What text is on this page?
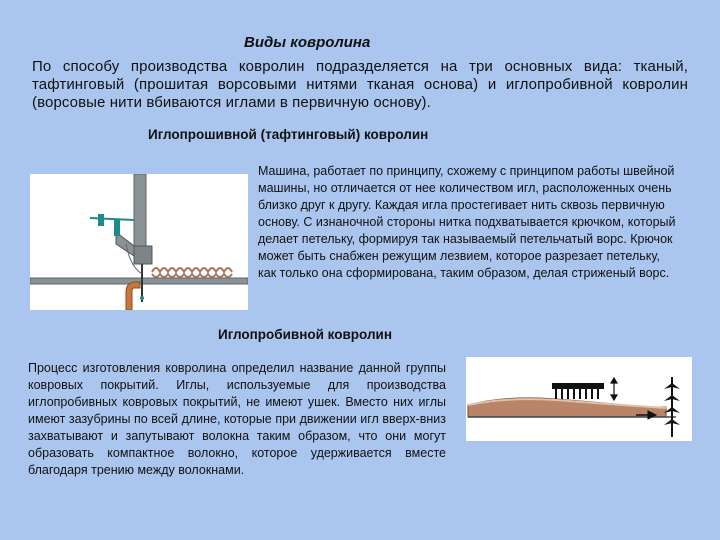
Виды ковролина
По способу производства ковролин подразделяется на три основных вида: тканый, тафтинговый (прошитая ворсовыми нитями тканая основа) и иглопробивной ковролин (ворсовые нити вбиваются иглами в первичную основу).
Иглопрошивной (тафтинговый) ковролин
Машина, работает по принципу, схожему с принципом работы швейной машины, но отличается от нее количеством игл, расположенных очень близко друг к другу. Каждая игла простегивает нить сквозь первичную основу. С изнаночной стороны нитка подхватывается крючком, который делает петельку, формируя так называемый петельчатый ворс. Крючок может быть снабжен режущим лезвием, которое разрезает петельку, как только она сформирована, таким образом, делая стриженый ворс.
Иглопробивной ковролин
Процесс изготовления ковролина определил название данной группы ковровых покрытий. Иглы, используемые для производства иглопробивных ковровых покрытий, не имеют ушек. Вместо них иглы имеют зазубрины по всей длине, которые при движении игл вверх-вниз захватывают и запутывают волокна таким образом, что они могут образовать компактное волокно, которое удерживается вместе благодаря трению между волокнами.
